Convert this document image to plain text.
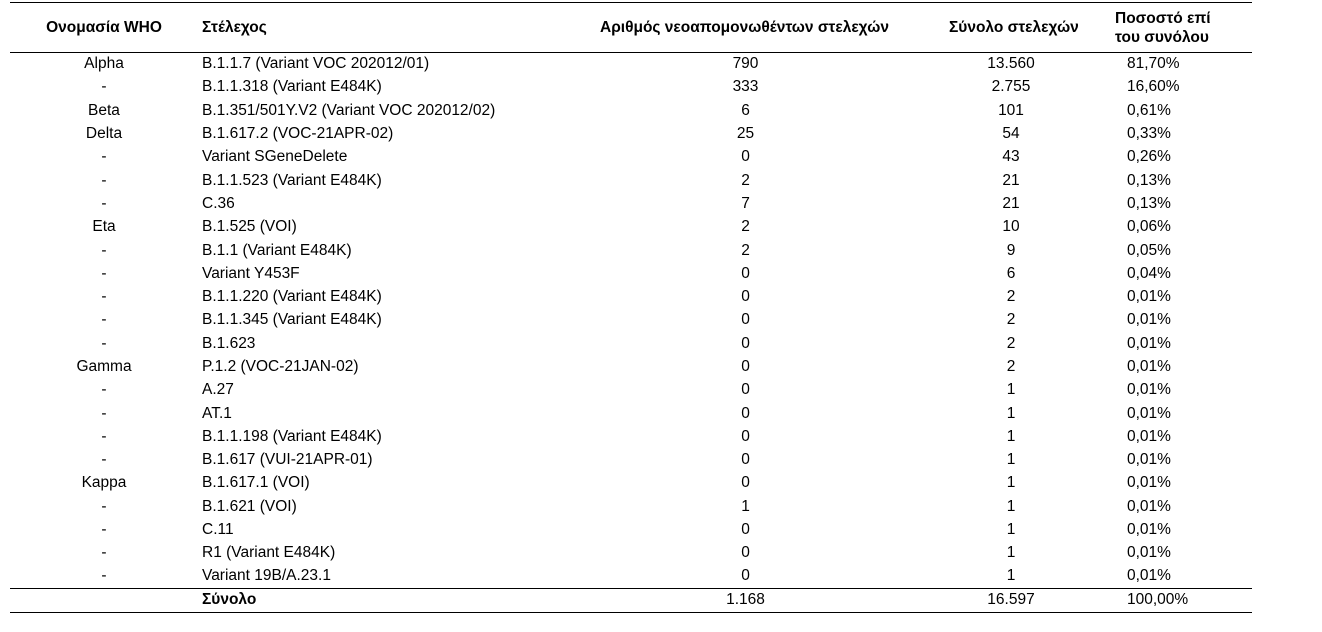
Ονομασία WHO	Στέλεχος	Αριθμός νεοαπομονωθέντων στελεχών	Σύνολο στελεχών	Ποσοστό επί
του συνόλου

Alpha	B.1.1.7 (Variant VOC 202012/01)	790	13.560	81,70%
-	B.1.1.318 (Variant E484K)	333	2.755	16,60%
Beta	B.1.351/501Y.V2 (Variant VOC 202012/02)	6	101	0,61%
Delta	B.1.617.2 (VOC-21APR-02)	25	54	0,33%
-	Variant SGeneDelete	0	43	0,26%
-	B.1.1.523 (Variant E484K)	2	21	0,13%
-	C.36	7	21	0,13%
Eta	B.1.525 (VOI)	2	10	0,06%
-	B.1.1 (Variant E484K)	2	9	0,05%
-	Variant Y453F	0	6	0,04%
-	B.1.1.220 (Variant E484K)	0	2	0,01%
-	B.1.1.345 (Variant E484K)	0	2	0,01%
-	B.1.623	0	2	0,01%
Gamma	P.1.2 (VOC-21JAN-02)	0	2	0,01%
-	A.27	0	1	0,01%
-	AT.1	0	1	0,01%
-	B.1.1.198 (Variant E484K)	0	1	0,01%
-	B.1.617 (VUI-21APR-01)	0	1	0,01%
Kappa	B.1.617.1 (VOI)	0	1	0,01%
-	B.1.621 (VOI)	1	1	0,01%
-	C.11	0	1	0,01%
-	R1 (Variant E484K)	0	1	0,01%
-	Variant 19B/A.23.1	0	1	0,01%
	Σύνολο	1.168	16.597	100,00%
